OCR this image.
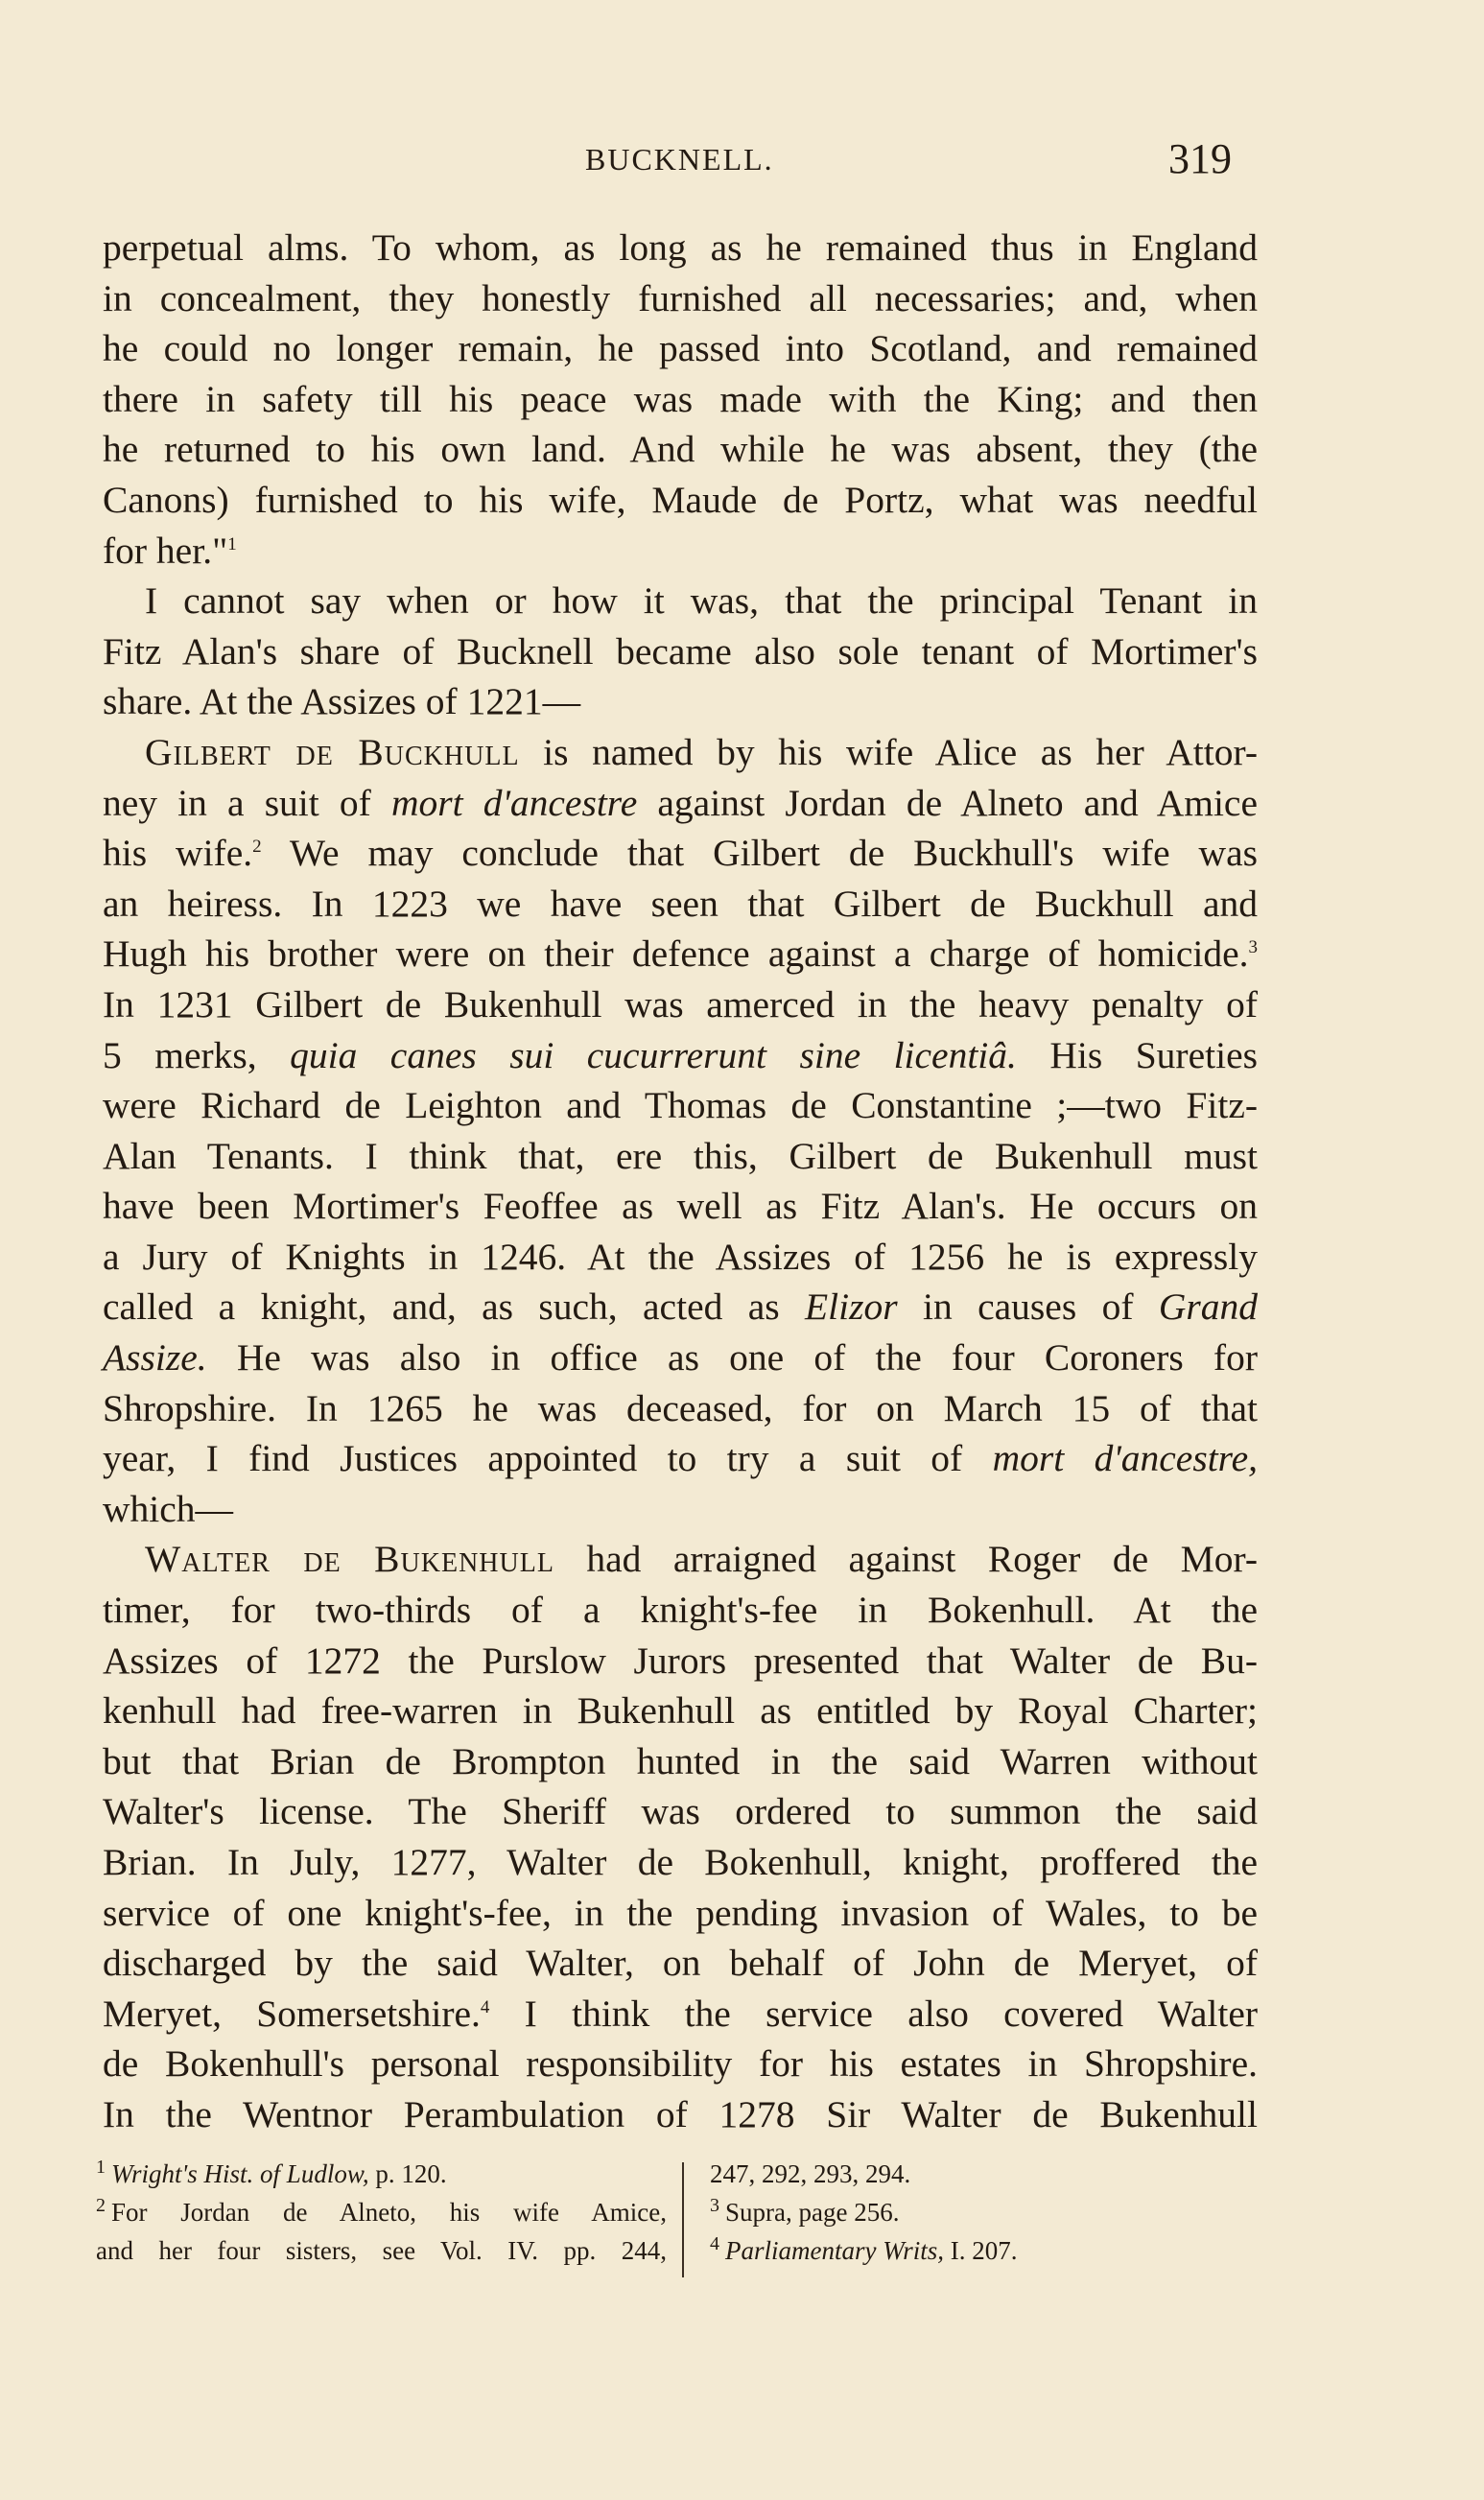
BUCKNELL.	319
perpetual alms. To whom, as long as he remained thus in England
in concealment, they honestly furnished all necessaries; and, when
he could no longer remain, he passed into Scotland, and remained
there in safety till his peace was made with the King; and then
he returned to his own land. And while he was absent, they (the
Canons) furnished to his wife, Maude de Portz, what was needful
for her."$^1$
I cannot say when or how it was, that the principal Tenant in
Fitz Alan's share of Bucknell became also sole tenant of Mortimer's
share. At the Assizes of 1221—
Gilbert de Buckhull is named by his wife Alice as her Attor-
ney in a suit of mort d'ancestre against Jordan de Alneto and Amice
his wife.$^2$ We may conclude that Gilbert de Buckhull's wife was
an heiress. In 1223 we have seen that Gilbert de Buckhull and
Hugh his brother were on their defence against a charge of homicide.$^3$
In 1231 Gilbert de Bukenhull was amerced in the heavy penalty of
5 merks, quia canes sui cucurrerunt sine licentiâ. His Sureties
were Richard de Leighton and Thomas de Constantine ;—two Fitz-
Alan Tenants. I think that, ere this, Gilbert de Bukenhull must
have been Mortimer's Feoffee as well as Fitz Alan's. He occurs on
a Jury of Knights in 1246. At the Assizes of 1256 he is expressly
called a knight, and, as such, acted as Elizor in causes of Grand
Assize. He was also in office as one of the four Coroners for
Shropshire. In 1265 he was deceased, for on March 15 of that
year, I find Justices appointed to try a suit of mort d'ancestre,
which—
Walter de Bukenhull had arraigned against Roger de Mor-
timer, for two-thirds of a knight's-fee in Bokenhull. At the
Assizes of 1272 the Purslow Jurors presented that Walter de Bu-
kenhull had free-warren in Bukenhull as entitled by Royal Charter;
but that Brian de Brompton hunted in the said Warren without
Walter's license. The Sheriff was ordered to summon the said
Brian. In July, 1277, Walter de Bokenhull, knight, proffered the
service of one knight's-fee, in the pending invasion of Wales, to be
discharged by the said Walter, on behalf of John de Meryet, of
Meryet, Somersetshire.$^4$ I think the service also covered Walter
de Bokenhull's personal responsibility for his estates in Shropshire.
In the Wentnor Perambulation of 1278 Sir Walter de Bukenhull
$^1$ Wright's Hist. of Ludlow, p. 120.
$^2$ For Jordan de Alneto, his wife Amice,
and her four sisters, see Vol. IV. pp. 244,
247, 292, 293, 294.
$^3$ Supra, page 256.
$^4$ Parliamentary Writs, I. 207.
